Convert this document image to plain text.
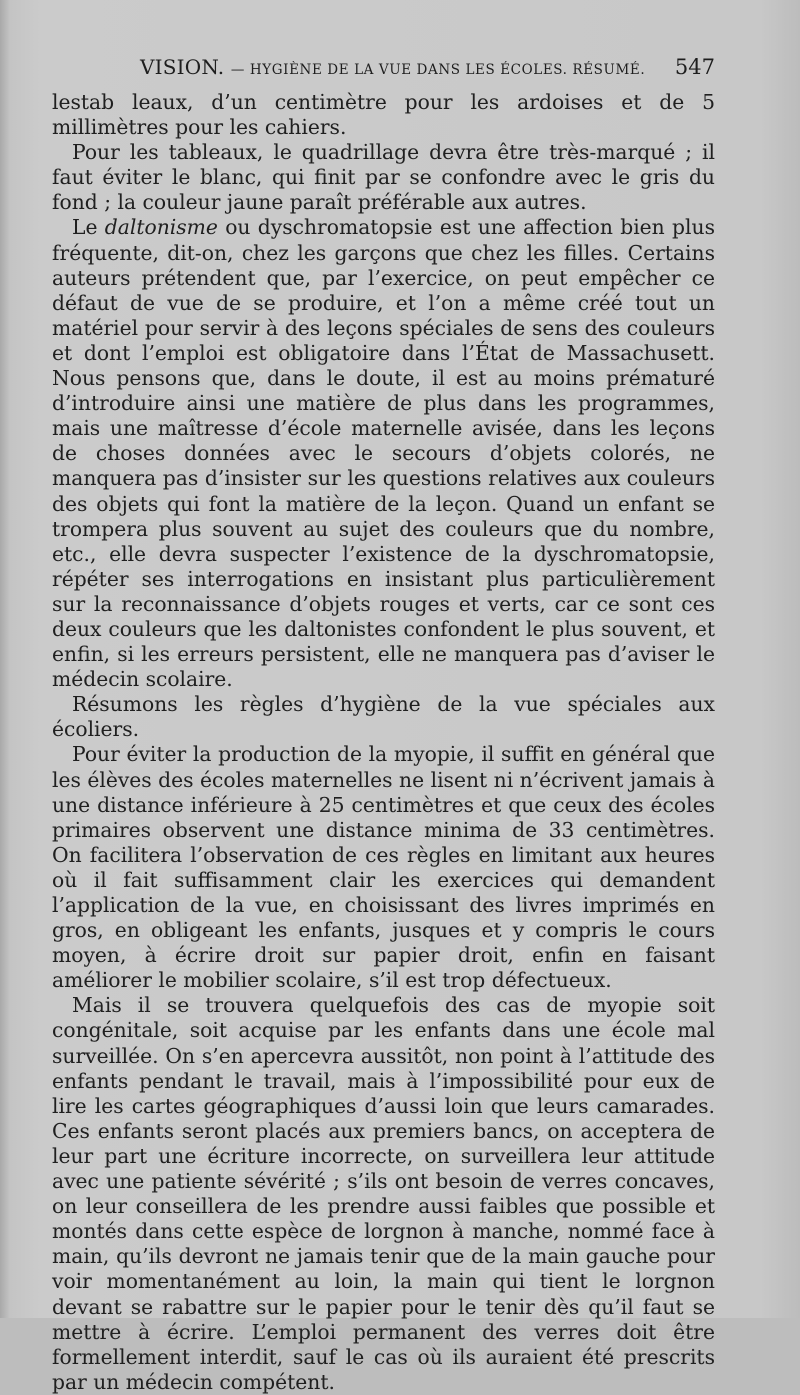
VISION. — HYGIÈNE DE LA VUE DANS LES ÉCOLES. RÉSUMÉ. 547

lestab leaux, d’un centimètre pour les ardoises et de 5 millimètres pour les cahiers.

Pour les tableaux, le quadrillage devra être très-marqué ; il faut éviter le blanc, qui finit par se confondre avec le gris du fond ; la couleur jaune paraît préférable aux autres.

Le daltonisme ou dyschromatopsie est une affection bien plus fréquente, dit-on, chez les garçons que chez les filles. Certains auteurs prétendent que, par l’exercice, on peut empêcher ce défaut de vue de se produire, et l’on a même créé tout un matériel pour servir à des leçons spéciales de sens des couleurs et dont l’emploi est obligatoire dans l’État de Massachusett. Nous pensons que, dans le doute, il est au moins prématuré d’introduire ainsi une matière de plus dans les programmes, mais une maîtresse d’école maternelle avisée, dans les leçons de choses données avec le secours d’objets colorés, ne manquera pas d’insister sur les questions relatives aux couleurs des objets qui font la matière de la leçon. Quand un enfant se trompera plus souvent au sujet des couleurs que du nombre, etc., elle devra suspecter l’existence de la dyschromatopsie, répéter ses interrogations en insistant plus particulièrement sur la reconnaissance d’objets rouges et verts, car ce sont ces deux couleurs que les daltonistes confondent le plus souvent, et enfin, si les erreurs persistent, elle ne manquera pas d’aviser le médecin scolaire.

Résumons les règles d’hygiène de la vue spéciales aux écoliers.

Pour éviter la production de la myopie, il suffit en général que les élèves des écoles maternelles ne lisent ni n’écrivent jamais à une distance inférieure à 25 centimètres et que ceux des écoles primaires observent une distance minima de 33 centimètres. On facilitera l’observation de ces règles en limitant aux heures où il fait suffisamment clair les exercices qui demandent l’application de la vue, en choisissant des livres imprimés en gros, en obligeant les enfants, jusques et y compris le cours moyen, à écrire droit sur papier droit, enfin en faisant améliorer le mobilier scolaire, s’il est trop défectueux.

Mais il se trouvera quelquefois des cas de myopie soit congénitale, soit acquise par les enfants dans une école mal surveillée. On s’en apercevra aussitôt, non point à l’attitude des enfants pendant le travail, mais à l’impossibilité pour eux de lire les cartes géographiques d’aussi loin que leurs camarades. Ces enfants seront placés aux premiers bancs, on acceptera de leur part une écriture incorrecte, on surveillera leur attitude avec une patiente sévérité ; s’ils ont besoin de verres concaves, on leur conseillera de les prendre aussi faibles que possible et montés dans cette espèce de lorgnon à manche, nommé face à main, qu’ils devront ne jamais tenir que de la main gauche pour voir momentanément au loin, la main qui tient le lorgnon devant se rabattre sur le papier pour le tenir dès qu’il faut se mettre à écrire. L’emploi permanent des verres doit être formellement interdit, sauf le cas où ils auraient été prescrits par un médecin compétent.
